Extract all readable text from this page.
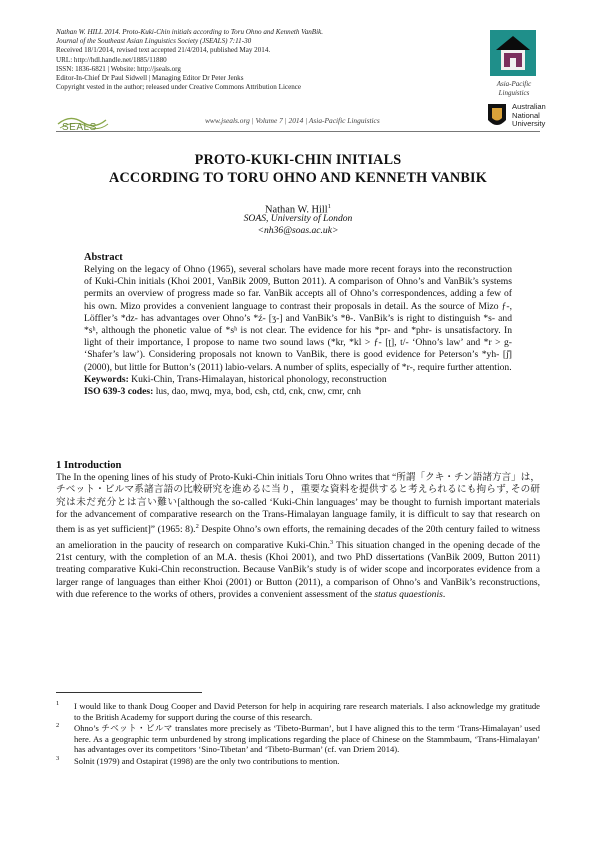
Nathan W. HILL 2014. Proto-Kuki-Chin initials according to Toru Ohno and Kenneth VanBik.
Journal of the Southeast Asian Linguistics Society (JSEALS) 7:11-30
Received 18/1/2014, revised text accepted 21/4/2014, published May 2014.
URL: http://hdl.handle.net/1885/11880
ISSN: 1836-6821 | Website: http://jseals.org
Editor-In-Chief Dr Paul Sidwell | Managing Editor Dr Peter Jenks
Copyright vested in the author; released under Creative Commons Attribution Licence	Asia-Pacific Linguistics
SEALS
www.jseals.org | Volume 7 | 2014 | Asia-Pacific Linguistics
Australian
National
University
PROTO-KUKI-CHIN INITIALS
ACCORDING TO TORU OHNO AND KENNETH VANBIK
Nathan W. Hill$^1$
SOAS, University of London
<nh36@soas.ac.uk>
Abstract

Relying on the legacy of Ohno (1965), several scholars have made more recent forays into the reconstruction of Kuki-Chin initials (Khoi 2001, VanBik 2009, Button 2011). A comparison of Ohno’s and VanBik’s systems permits an overview of progress made so far. VanBik accepts all of Ohno’s correspondences, adding a few of his own. Mizo provides a convenient language to contrast their proposals in detail. As the source of Mizo ƒ-, Löffler’s *dz- has advantages over Ohno’s *ź- [ʒ-] and VanBik’s *θ-. VanBik’s is right to distinguish *s- and *sʰ, although the phonetic value of *sʰ is not clear. The evidence for his *pr- and *phr- is unsatisfactory. In light of their importance, I propose to name two sound laws (*kr, *kl > ƒ- [ʈ], t/- ‘Ohno’s law’ and *r > g- ‘Shafer’s law’). Considering proposals not known to VanBik, there is good evidence for Peterson’s *yh- [j̊] (2000), but little for Button’s (2011) labio-velars. A number of splits, especially of *r-, require further attention.

Keywords: Kuki-Chin, Trans-Himalayan, historical phonology, reconstruction
ISO 639-3 codes: lus, dao, mwq, mya, bod, csh, ctd, cnk, cnw, cmr, cnh
1 Introduction

The In the opening lines of his study of Proto-Kuki-Chin initials Toru Ohno writes that “所謂「クキ・チン語諸方言」は，チベット・ビルマ系諸言語の比較研究を進めるに当り，重要な資料を提供すると考えられるにも拘らず, その研究は未だ充分とは言い難い[although the so-called ‘Kuki-Chin languages’ may be thought to furnish important materials for the advancement of comparative research on the Trans-Himalayan language family, it is difficult to say that research on them is as yet sufficient]” (1965: 8).$^2$ Despite Ohno’s own efforts, the remaining decades of the 20th century failed to witness an amelioration in the paucity of research on comparative Kuki-Chin.$^3$ This situation changed in the opening decade of the 21st century, with the completion of an M.A. thesis (Khoi 2001), and two PhD dissertations (VanBik 2009, Button 2011) treating comparative Kuki-Chin reconstruction. Because VanBik’s study is of wider scope and incorporates evidence from a larger range of languages than either Khoi (2001) or Button (2011), a comparison of Ohno’s and VanBik’s reconstructions, with due reference to the works of others, provides a convenient assessment of the status quaestionis.

1 I would like to thank Doug Cooper and David Peterson for help in acquiring rare research materials. I also acknowledge my gratitude to the British Academy for support during the course of this research.
2 Ohno’s チベット・ビルマ translates more precisely as ‘Tibeto-Burman’, but I have aligned this to the term ‘Trans-Himalayan’ used here. As a geographic term unburdened by strong implications regarding the place of Chinese on the Stammbaum, ‘Trans-Himalayan’ has advantages over its competitors ‘Sino-Tibetan’ and ‘Tibeto-Burman’ (cf. van Driem 2014).
3 Solnit (1979) and Ostapirat (1998) are the only two contributions to mention.
